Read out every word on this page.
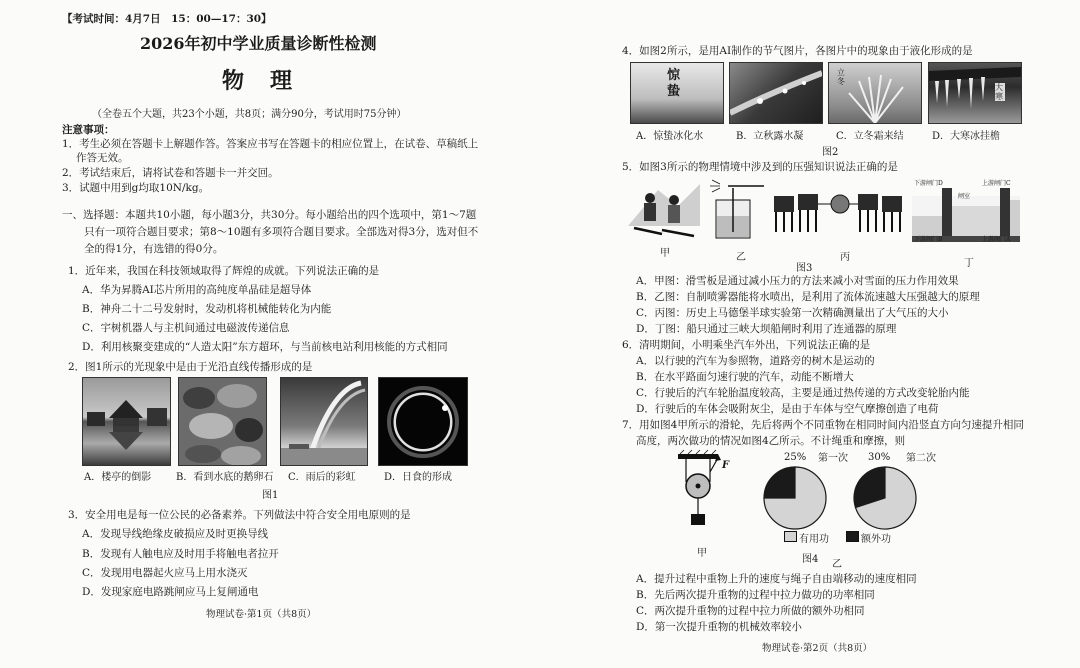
【考试时间：4月7日　15：00—17：30】
2026年初中学业质量诊断性检测
物　理
（全卷五个大题，共23个小题，共8页；满分90分，考试用时75分钟）
注意事项：
1．考生必须在答题卡上解题作答。答案应书写在答题卡的相应位置上，在试卷、草稿纸上
作答无效。
2．考试结束后，请将试卷和答题卡一并交回。
3．试题中用到g均取10N/kg。
一、选择题：本题共10小题，每小题3分，共30分。每小题给出的四个选项中，第1～7题
只有一项符合题目要求；第8～10题有多项符合题目要求。全部选对得3分，选对但不
全的得1分，有选错的得0分。
1．近年来，我国在科技领域取得了辉煌的成就。下列说法正确的是
A．华为昇腾AI芯片所用的高纯度单晶硅是超导体
B．神舟二十二号发射时，发动机将机械能转化为内能
C．宇树机器人与主机间通过电磁波传递信息
D．利用核聚变建成的“人造太阳”东方超环，与当前核电站利用核能的方式相同
2．图1所示的光现象中是由于光沿直线传播形成的是
A．楼亭的倒影 B．看到水底的鹅卵石 C．雨后的彩虹	D．日食的形成
图1
3．安全用电是每一位公民的必备素养。下列做法中符合安全用电原则的是
A．发现导线绝缘皮破损应及时更换导线
B．发现有人触电应及时用手将触电者拉开
C．发现用电器起火应马上用水浇灭
D．发现家庭电路跳闸应马上复闸通电
物理试卷·第1页（共8页）
4．如图2所示，是用AI制作的节气图片，各图片中的现象由于液化形成的是
惊
蛰
立冬
大寒
A．惊蛰冰化水	B．立秋露水凝	C．立冬霜来结	D．大寒冰挂檐
图2
5．如图3所示的物理情境中涉及到的压强知识说法正确的是
甲	乙	丙
下游闸门D	上游闸门C
闸室
下游阀门B	上游阀门A
丁
图3
A．甲图：滑雪板是通过减小压力的方法来减小对雪面的压力作用效果
B．乙图：自制喷雾器能将水喷出，是利用了流体流速越大压强越大的原理
C．丙图：历史上马德堡半球实验第一次精确测量出了大气压的大小
D．丁图：船只通过三峡大坝船闸时利用了连通器的原理
6．清明期间，小明乘坐汽车外出，下列说法正确的是
A．以行驶的汽车为参照物，道路旁的树木是运动的
B．在水平路面匀速行驶的汽车，动能不断增大
C．行驶后的汽车轮胎温度较高，主要是通过热传递的方式改变轮胎内能
D．行驶后的车体会吸附灰尘，是由于车体与空气摩擦创造了电荷
7．用如图4甲所示的滑轮，先后将两个不同重物在相同时间内沿竖直方向匀速提升相同
高度，两次做功的情况如图4乙所示。不计绳重和摩擦，则
F
甲
25% 第一次 30% 第二次
有用功	额外功
图4 乙
A．提升过程中重物上升的速度与绳子自由端移动的速度相同
B．先后两次提升重物的过程中拉力做功的功率相同
C．两次提升重物的过程中拉力所做的额外功相同
D．第一次提升重物的机械效率较小
物理试卷·第2页（共8页）
